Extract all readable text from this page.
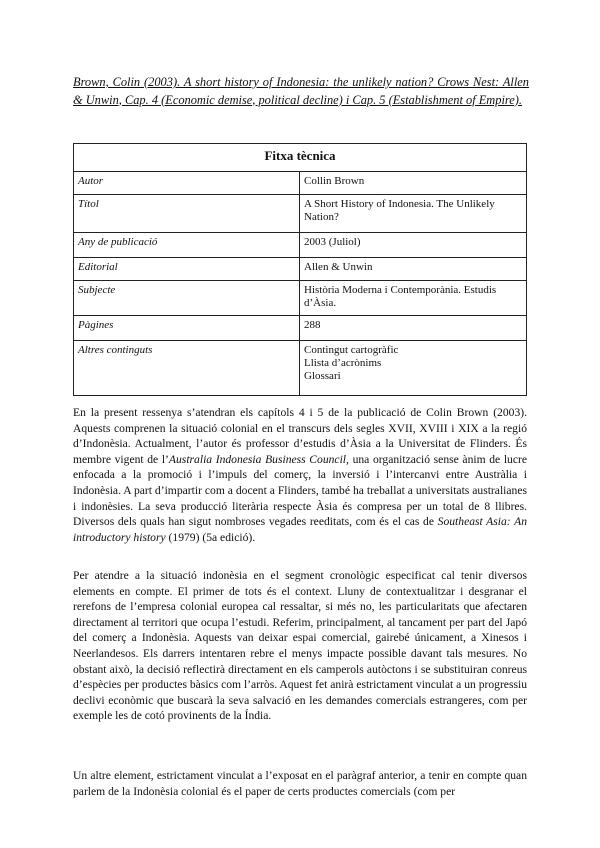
Brown, Colin (2003). A short history of Indonesia: the unlikely nation? Crows Nest: Allen & Unwin, Cap. 4 (Economic demise, political decline) i Cap. 5 (Establishment of Empire).

Fitxa tècnica	
Autor	Collin Brown
Títol	A Short History of Indonesia. The Unlikely Nation?
Any de publicació	2003 (Juliol)
Editorial	Allen & Unwin
Subjecte	Història Moderna i Contemporània. Estudis d’Àsia.
Pàgines	288
Altres continguts	Contingut cartogràfic
Llista d’acrònims
Glossari

En la present ressenya s’atendran els capítols 4 i 5 de la publicació de Colin Brown (2003). Aquests comprenen la situació colonial en el transcurs dels segles XVII, XVIII i XIX a la regió d’Indonèsia. Actualment, l’autor és professor d’estudis d’Àsia a la Universitat de Flinders. És membre vigent de l’Australia Indonesia Business Council, una organització sense ànim de lucre enfocada a la promoció i l’impuls del comerç, la inversió i l’intercanvi entre Austràlia i Indonèsia. A part d’impartir com a docent a Flinders, també ha treballat a universitats australianes i indonèsies. La seva producció literària respecte Àsia és compresa per un total de 8 llibres. Diversos dels quals han sigut nombroses vegades reeditats, com és el cas de Southeast Asia: An introductory history (1979) (5a edició).

Per atendre a la situació indonèsia en el segment cronològic especificat cal tenir diversos elements en compte. El primer de tots és el context. Lluny de contextualitzar i desgranar el rerefons de l’empresa colonial europea cal ressaltar, si més no, les particularitats que afectaren directament al territori que ocupa l’estudi. Referim, principalment, al tancament per part del Japó del comerç a Indonèsia. Aquests van deixar espai comercial, gairebé únicament, a Xinesos i Neerlandesos. Els darrers intentaren rebre el menys impacte possible davant tals mesures. No obstant això, la decisió reflectirà directament en els camperols autòctons i se substituiran conreus d’espècies per productes bàsics com l’arròs. Aquest fet anirà estrictament vinculat a un progressiu declivi econòmic que buscarà la seva salvació en les demandes comercials estrangeres, com per exemple les de cotó provinents de la Índia.

Un altre element, estrictament vinculat a l’exposat en el paràgraf anterior, a tenir en compte quan parlem de la Indonèsia colonial és el paper de certs productes comercials (com per
